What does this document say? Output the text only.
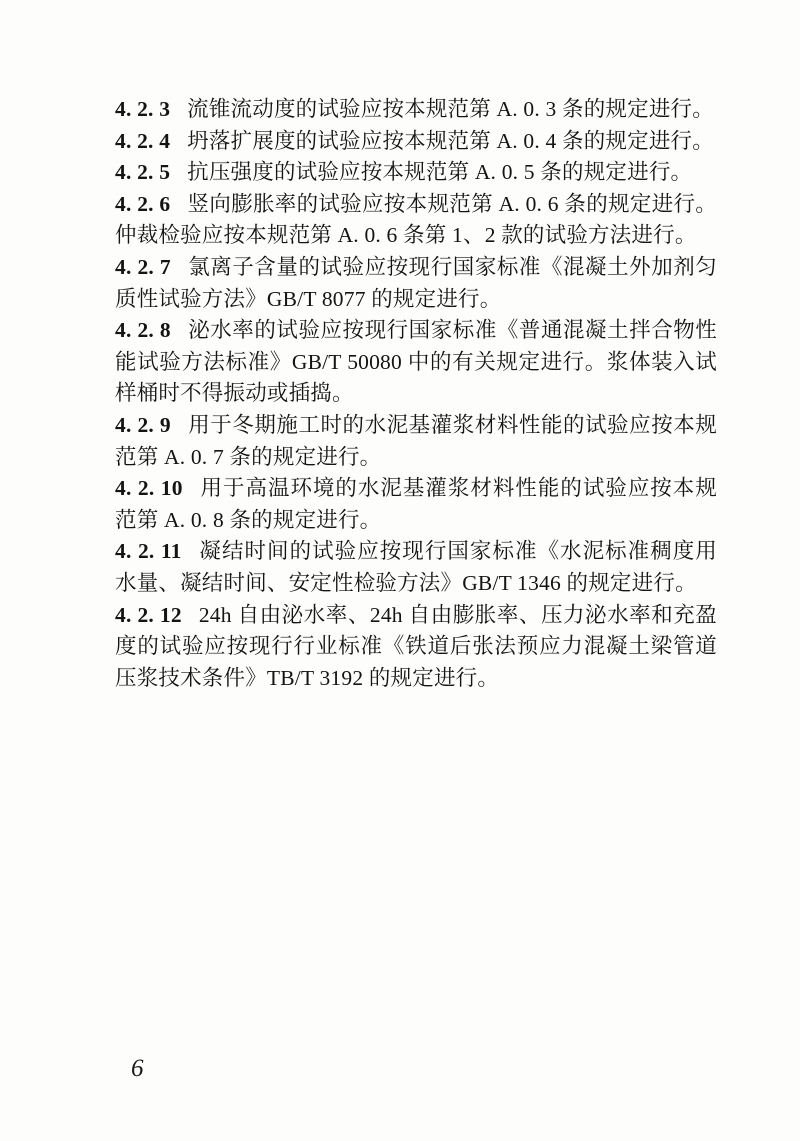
4. 2. 3 流锥流动度的试验应按本规范第 A. 0. 3 条的规定进行。

4. 2. 4 坍落扩展度的试验应按本规范第 A. 0. 4 条的规定进行。

4. 2. 5 抗压强度的试验应按本规范第 A. 0. 5 条的规定进行。

4. 2. 6 竖向膨胀率的试验应按本规范第 A. 0. 6 条的规定进行。仲裁检验应按本规范第 A. 0. 6 条第 1、2 款的试验方法进行。

4. 2. 7 氯离子含量的试验应按现行国家标准《混凝土外加剂匀质性试验方法》GB/T 8077 的规定进行。

4. 2. 8 泌水率的试验应按现行国家标准《普通混凝土拌合物性能试验方法标准》GB/T 50080 中的有关规定进行。浆体装入试样桶时不得振动或插捣。

4. 2. 9 用于冬期施工时的水泥基灌浆材料性能的试验应按本规范第 A. 0. 7 条的规定进行。

4. 2. 10 用于高温环境的水泥基灌浆材料性能的试验应按本规范第 A. 0. 8 条的规定进行。

4. 2. 11 凝结时间的试验应按现行国家标准《水泥标准稠度用水量、凝结时间、安定性检验方法》GB/T 1346 的规定进行。

4. 2. 12 24h 自由泌水率、24h 自由膨胀率、压力泌水率和充盈度的试验应按现行行业标准《铁道后张法预应力混凝土梁管道压浆技术条件》TB/T 3192 的规定进行。

6
